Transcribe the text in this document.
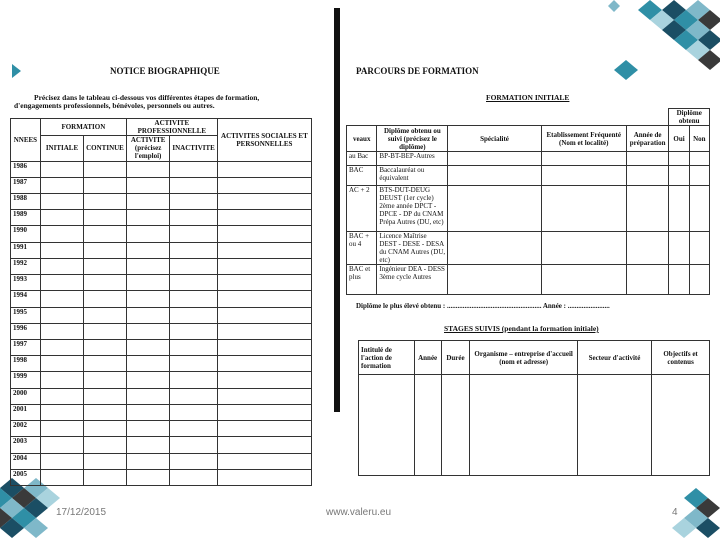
NOTICE BIOGRAPHIQUE
Précisez dans le tableau ci-dessous vos différentes étapes de formation,
d'engagements professionnels, bénévoles, personnels ou autres.
NNEES	FORMATION		ACTIVITE PROFESSIONNELLE		ACTIVITES SOCIALES ET PERSONNELLES
	INITIALE	CONTINUE	ACTIVITE (précisez l'emploi)	INACTIVITE	
1986					
1987					
1988					
1989					
1990					
1991					
1992					
1993					
1994					
1995					
1996					
1997					
1998					
1999					
2000					
2001					
2002					
2003					
2004					
2005					
PARCOURS DE FORMATION
FORMATION INITIALE
					Diplôme obtenu	
veaux	Diplôme obtenu ou suivi (précisez le diplôme)	Spécialité	Etablissement Fréquenté (Nom et localité)	Année de préparation	Oui	Non
au Bac	BP-BT-BEP-Autres					
BAC	Baccalauréat ou équivalent					
AC + 2	BTS-DUT-DEUG DEUST (1er cycle) 2ème année DPCT - DPCE - DP du CNAM Prépa Autres (DU, etc)					
BAC + ou 4	Licence Maîtrise DEST - DESE - DESA du CNAM Autres (DU, etc)					
BAC et plus	Ingénieur DEA - DESS 3ème cycle Autres					
Diplôme le plus élevé obtenu : ...................................................... Année : ........................
STAGES SUIVIS (pendant la formation initiale)
Intitulé de l'action de formation	Année	Durée	Organisme – entreprise d'accueil (nom et adresse)	Secteur d'activité	Objectifs et contenus

17/12/2015	www.valeru.eu	4
